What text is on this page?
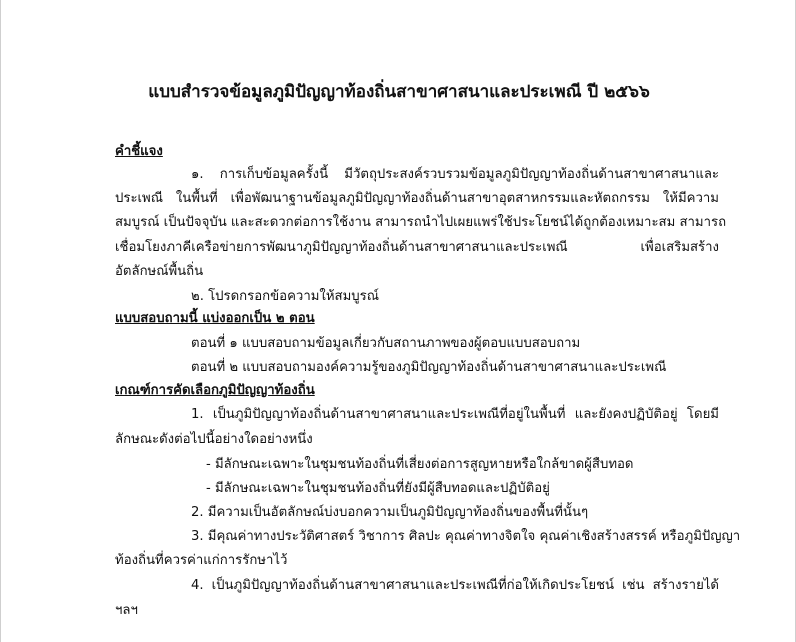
แบบสำรวจข้อมูลภูมิปัญญาท้องถิ่นสาขาศาสนาและประเพณี ปี ๒๕๖๖
คำชี้แจง
๑. การเก็บข้อมูลครั้งนี้ มีวัตถุประสงค์รวบรวมข้อมูลภูมิปัญญาท้องถิ่นด้านสาขาศาสนาและ
ประเพณี ในพื้นที่ เพื่อพัฒนาฐานข้อมูลภูมิปัญญาท้องถิ่นด้านสาขาอุตสาหกรรมและหัตถกรรม ให้มีความ
สมบูรณ์ เป็นปัจจุบัน และสะดวกต่อการใช้งาน สามารถนำไปเผยแพร่ใช้ประโยชน์ได้ถูกต้องเหมาะสม สามารถ
เชื่อมโยงภาคีเครือข่ายการพัฒนาภูมิปัญญาท้องถิ่นด้านสาขาศาสนาและประเพณี เพื่อเสริมสร้าง
อัตลักษณ์พื้นถิ่น
๒. โปรดกรอกข้อความให้สมบูรณ์
แบบสอบถามนี้ แบ่งออกเป็น ๒ ตอน
ตอนที่ ๑ แบบสอบถามข้อมูลเกี่ยวกับสถานภาพของผู้ตอบแบบสอบถาม
ตอนที่ ๒ แบบสอบถามองค์ความรู้ของภูมิปัญญาท้องถิ่นด้านสาขาศาสนาและประเพณี
เกณฑ์การคัดเลือกภูมิปัญญาท้องถิ่น
1. เป็นภูมิปัญญาท้องถิ่นด้านสาขาศาสนาและประเพณีที่อยู่ในพื้นที่ และยังคงปฏิบัติอยู่ โดยมี
ลักษณะดังต่อไปนี้อย่างใดอย่างหนึ่ง
- มีลักษณะเฉพาะในชุมชนท้องถิ่นที่เสี่ยงต่อการสูญหายหรือใกล้ขาดผู้สืบทอด
- มีลักษณะเฉพาะในชุมชนท้องถิ่นที่ยังมีผู้สืบทอดและปฏิบัติอยู่
2. มีความเป็นอัตลักษณ์บ่งบอกความเป็นภูมิปัญญาท้องถิ่นของพื้นที่นั้นๆ
3. มีคุณค่าทางประวัติศาสตร์ วิชาการ ศิลปะ คุณค่าทางจิตใจ คุณค่าเชิงสร้างสรรค์ หรือภูมิปัญญา
ท้องถิ่นที่ควรค่าแก่การรักษาไว้
4. เป็นภูมิปัญญาท้องถิ่นด้านสาขาศาสนาและประเพณีที่ก่อให้เกิดประโยชน์ เช่น สร้างรายได้
ฯลฯ
